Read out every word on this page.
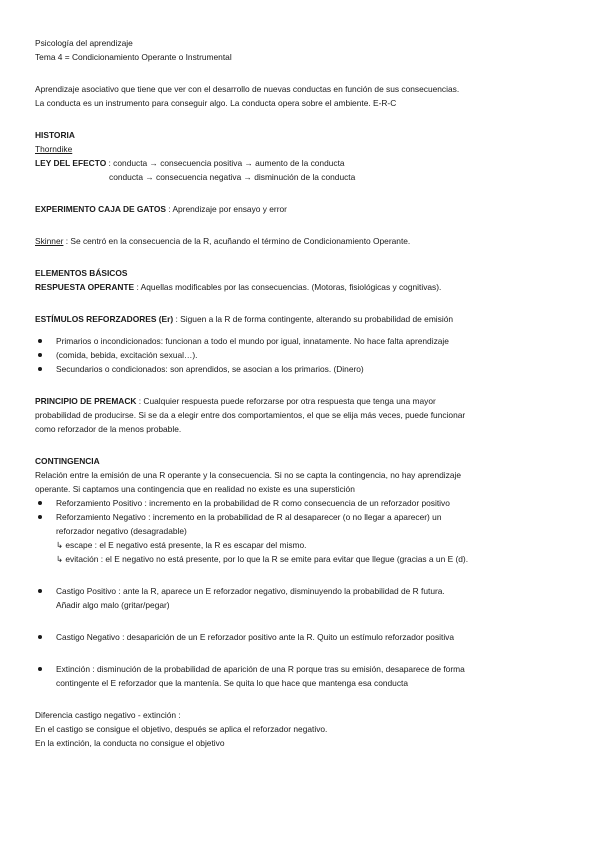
Psicología del aprendizaje
Tema 4 = Condicionamiento Operante o Instrumental
Aprendizaje asociativo que tiene que ver con el desarrollo de nuevas conductas en función de sus consecuencias.
La conducta es un instrumento para conseguir algo. La conducta opera sobre el ambiente. E-R-C
HISTORIA
Thorndike
LEY DEL EFECTO : conducta → consecuencia positiva → aumento de la conducta
conducta → consecuencia negativa → disminución de la conducta
EXPERIMENTO CAJA DE GATOS : Aprendizaje por ensayo y error
Skinner : Se centró en la consecuencia de la R, acuñando el término de Condicionamiento Operante.
ELEMENTOS BÁSICOS
RESPUESTA OPERANTE : Aquellas modificables por las consecuencias. (Motoras, fisiológicas y cognitivas).
ESTÍMULOS REFORZADORES (Er) : Siguen a la R de forma contingente, alterando su probabilidad de emisión
Primarios o incondicionados: funcionan a todo el mundo por igual, innatamente. No hace falta aprendizaje
(comida, bebida, excitación sexual…).
Secundarios o condicionados: son aprendidos, se asocian a los primarios. (Dinero)
PRINCIPIO DE PREMACK : Cualquier respuesta puede reforzarse por otra respuesta que tenga una mayor
probabilidad de producirse. Si se da a elegir entre dos comportamientos, el que se elija más veces, puede funcionar
como reforzador de la menos probable.
CONTINGENCIA
Relación entre la emisión de una R operante y la consecuencia. Si no se capta la contingencia, no hay aprendizaje
operante. Si captamos una contingencia que en realidad no existe es una superstición
Reforzamiento Positivo : incremento en la probabilidad de R como consecuencia de un reforzador positivo
Reforzamiento Negativo : incremento en la probabilidad de R al desaparecer (o no llegar a aparecer) un
reforzador negativo (desagradable)
↳ escape : el E negativo está presente, la R es escapar del mismo.
↳ evitación : el E negativo no está presente, por lo que la R se emite para evitar que llegue (gracias a un E (d).
Castigo Positivo : ante la R, aparece un E reforzador negativo, disminuyendo la probabilidad de R futura.
Añadir algo malo (gritar/pegar)
Castigo Negativo : desaparición de un E reforzador positivo ante la R. Quito un estímulo reforzador positiva
Extinción : disminución de la probabilidad de aparición de una R porque tras su emisión, desaparece de forma
contingente el E reforzador que la mantenía. Se quita lo que hace que mantenga esa conducta
Diferencia castigo negativo - extinción :
En el castigo se consigue el objetivo, después se aplica el reforzador negativo.
En la extinción, la conducta no consigue el objetivo
